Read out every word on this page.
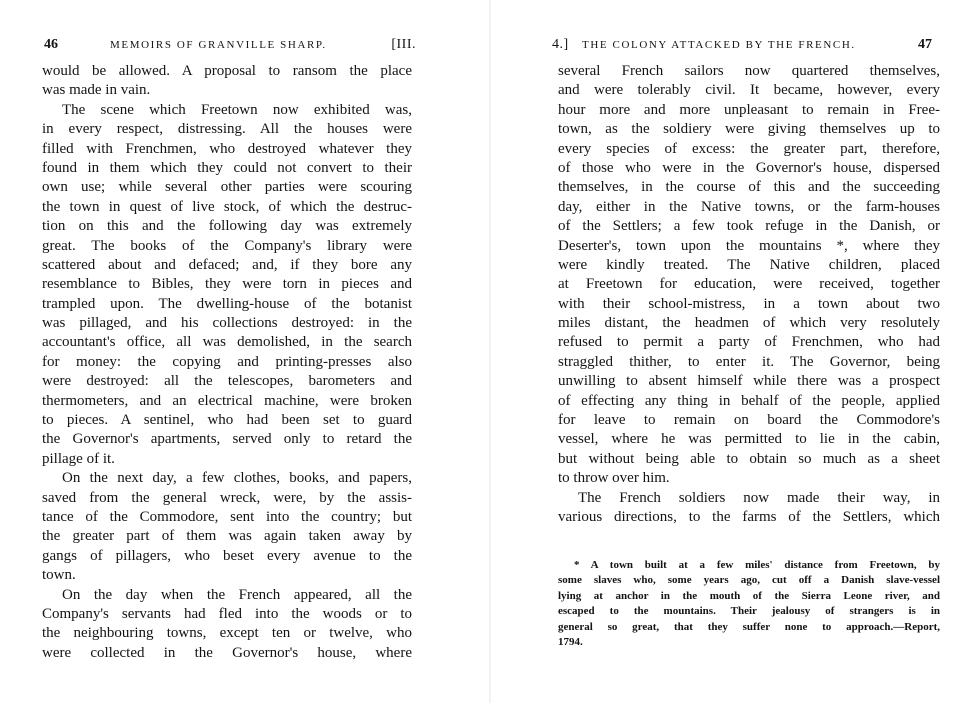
46	MEMOIRS OF GRANVILLE SHARP.	[III.
would be allowed. A proposal to ransom the place
was made in vain.
The scene which Freetown now exhibited was,
in every respect, distressing. All the houses were
filled with Frenchmen, who destroyed whatever they
found in them which they could not convert to their
own use; while several other parties were scouring
the town in quest of live stock, of which the destruc-
tion on this and the following day was extremely
great. The books of the Company's library were
scattered about and defaced; and, if they bore any
resemblance to Bibles, they were torn in pieces and
trampled upon. The dwelling-house of the botanist
was pillaged, and his collections destroyed: in the
accountant's office, all was demolished, in the search
for money: the copying and printing-presses also
were destroyed: all the telescopes, barometers and
thermometers, and an electrical machine, were broken
to pieces. A sentinel, who had been set to guard
the Governor's apartments, served only to retard the
pillage of it.
On the next day, a few clothes, books, and papers,
saved from the general wreck, were, by the assis-
tance of the Commodore, sent into the country; but
the greater part of them was again taken away by
gangs of pillagers, who beset every avenue to the
town.
On the day when the French appeared, all the
Company's servants had fled into the woods or to
the neighbouring towns, except ten or twelve, who
were collected in the Governor's house, where
4.] THE COLONY ATTACKED BY THE FRENCH.	47
several French sailors now quartered themselves,
and were tolerably civil. It became, however, every
hour more and more unpleasant to remain in Free-
town, as the soldiery were giving themselves up to
every species of excess: the greater part, therefore,
of those who were in the Governor's house, dispersed
themselves, in the course of this and the succeeding
day, either in the Native towns, or the farm-houses
of the Settlers; a few took refuge in the Danish, or
Deserter's, town upon the mountains *, where they
were kindly treated. The Native children, placed
at Freetown for education, were received, together
with their school-mistress, in a town about two
miles distant, the headmen of which very resolutely
refused to permit a party of Frenchmen, who had
straggled thither, to enter it. The Governor, being
unwilling to absent himself while there was a prospect
of effecting any thing in behalf of the people, applied
for leave to remain on board the Commodore's
vessel, where he was permitted to lie in the cabin,
but without being able to obtain so much as a sheet
to throw over him.
The French soldiers now made their way, in
various directions, to the farms of the Settlers, which
* A town built at a few miles' distance from Freetown, by
some slaves who, some years ago, cut off a Danish slave-vessel
lying at anchor in the mouth of the Sierra Leone river, and
escaped to the mountains. Their jealousy of strangers is in
general so great, that they suffer none to approach.—Report,
1794.
